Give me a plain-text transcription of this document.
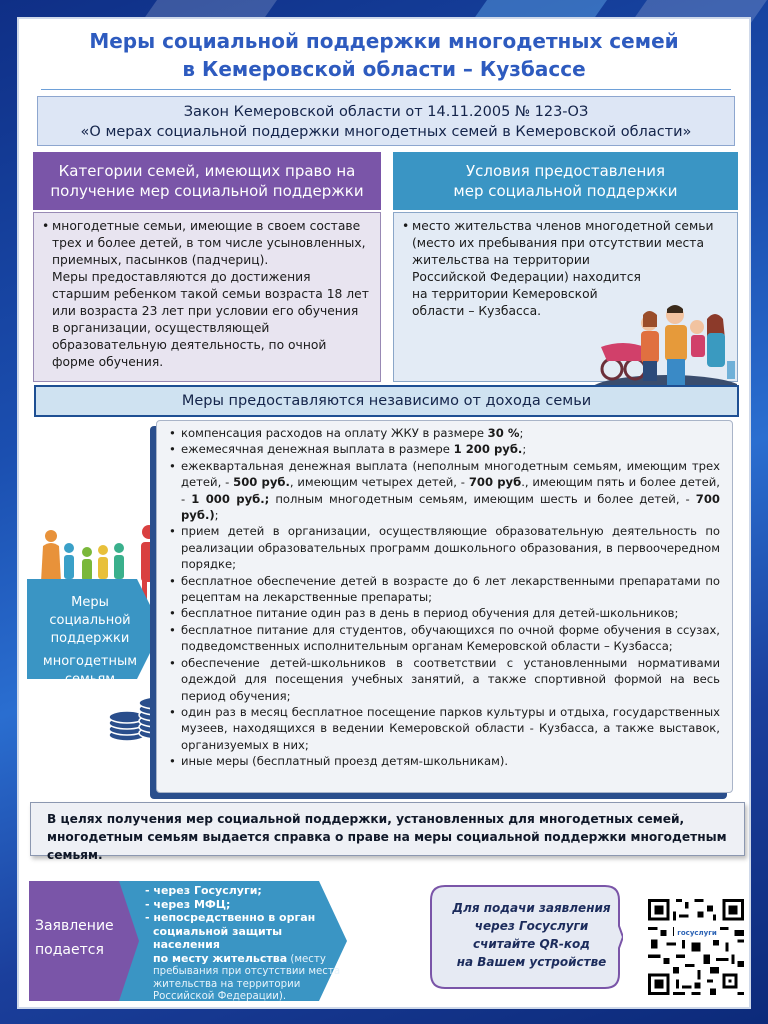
Меры социальной поддержки многодетных семей
в Кемеровской области – Кузбассе
Закон Кемеровской области от 14.11.2005 № 123-ОЗ
«О мерах социальной поддержки многодетных семей в Кемеровской области»
Категории семей, имеющих право на
получение мер социальной поддержки
Условия предоставления
мер социальной поддержки
• многодетные семьи, имеющие в своем составе
трех и более детей, в том числе усыновленных,
приемных, пасынков (падчериц).
Меры предоставляются до достижения
старшим ребенком такой семьи возраста 18 лет
или возраста 23 лет при условии его обучения
в организации, осуществляющей
образовательную деятельность, по очной
форме обучения.
• место жительства членов многодетной семьи
(место их пребывания при отсутствии места
жительства на территории
Российской Федерации) находится
на территории Кемеровской
области – Кузбасса.
Меры предоставляются независимо от дохода семьи
Меры
социальной
поддержки
многодетным
семьям
• компенсация расходов на оплату ЖКУ в размере 30 %;
• ежемесячная денежная выплата в размере 1 200 руб.;
• ежеквартальная денежная выплата (неполным многодетным семьям, имеющим трех детей, - 500 руб., имеющим четырех детей, - 700 руб., имеющим пять и более детей, - 1 000 руб.; полным многодетным семьям, имеющим шесть и более детей, - 700 руб.);
• прием детей в организации, осуществляющие образовательную деятельность по реализации образовательных программ дошкольного образования, в первоочередном порядке;
• бесплатное обеспечение детей в возрасте до 6 лет лекарственными препаратами по рецептам на лекарственные препараты;
• бесплатное питание один раз в день в период обучения для детей-школьников;
• бесплатное питание для студентов, обучающихся по очной форме обучения в ссузах, подведомственных исполнительным органам Кемеровской области – Кузбасса;
• обеспечение детей-школьников в соответствии с установленными нормативами одеждой для посещения учебных занятий, а также спортивной формой на весь период обучения;
• один раз в месяц бесплатное посещение парков культуры и отдыха, государственных музеев, находящихся в ведении Кемеровской области - Кузбасса, а также выставок, организуемых в них;
• иные меры (бесплатный проезд детям-школьникам).
В целях получения мер социальной поддержки, установленных для многодетных семей, многодетным семьям выдается справка о праве на меры социальной поддержки многодетным семьям.
Заявление
подается
- через Госуслуги;
- через МФЦ;
- непосредственно в орган
социальной защиты населения
по месту жительства (месту
пребывания при отсутствии места
жительства на территории
Российской Федерации).
Для подачи заявления
через Госуслуги
считайте QR-код
на Вашем устройстве
госуслуги
